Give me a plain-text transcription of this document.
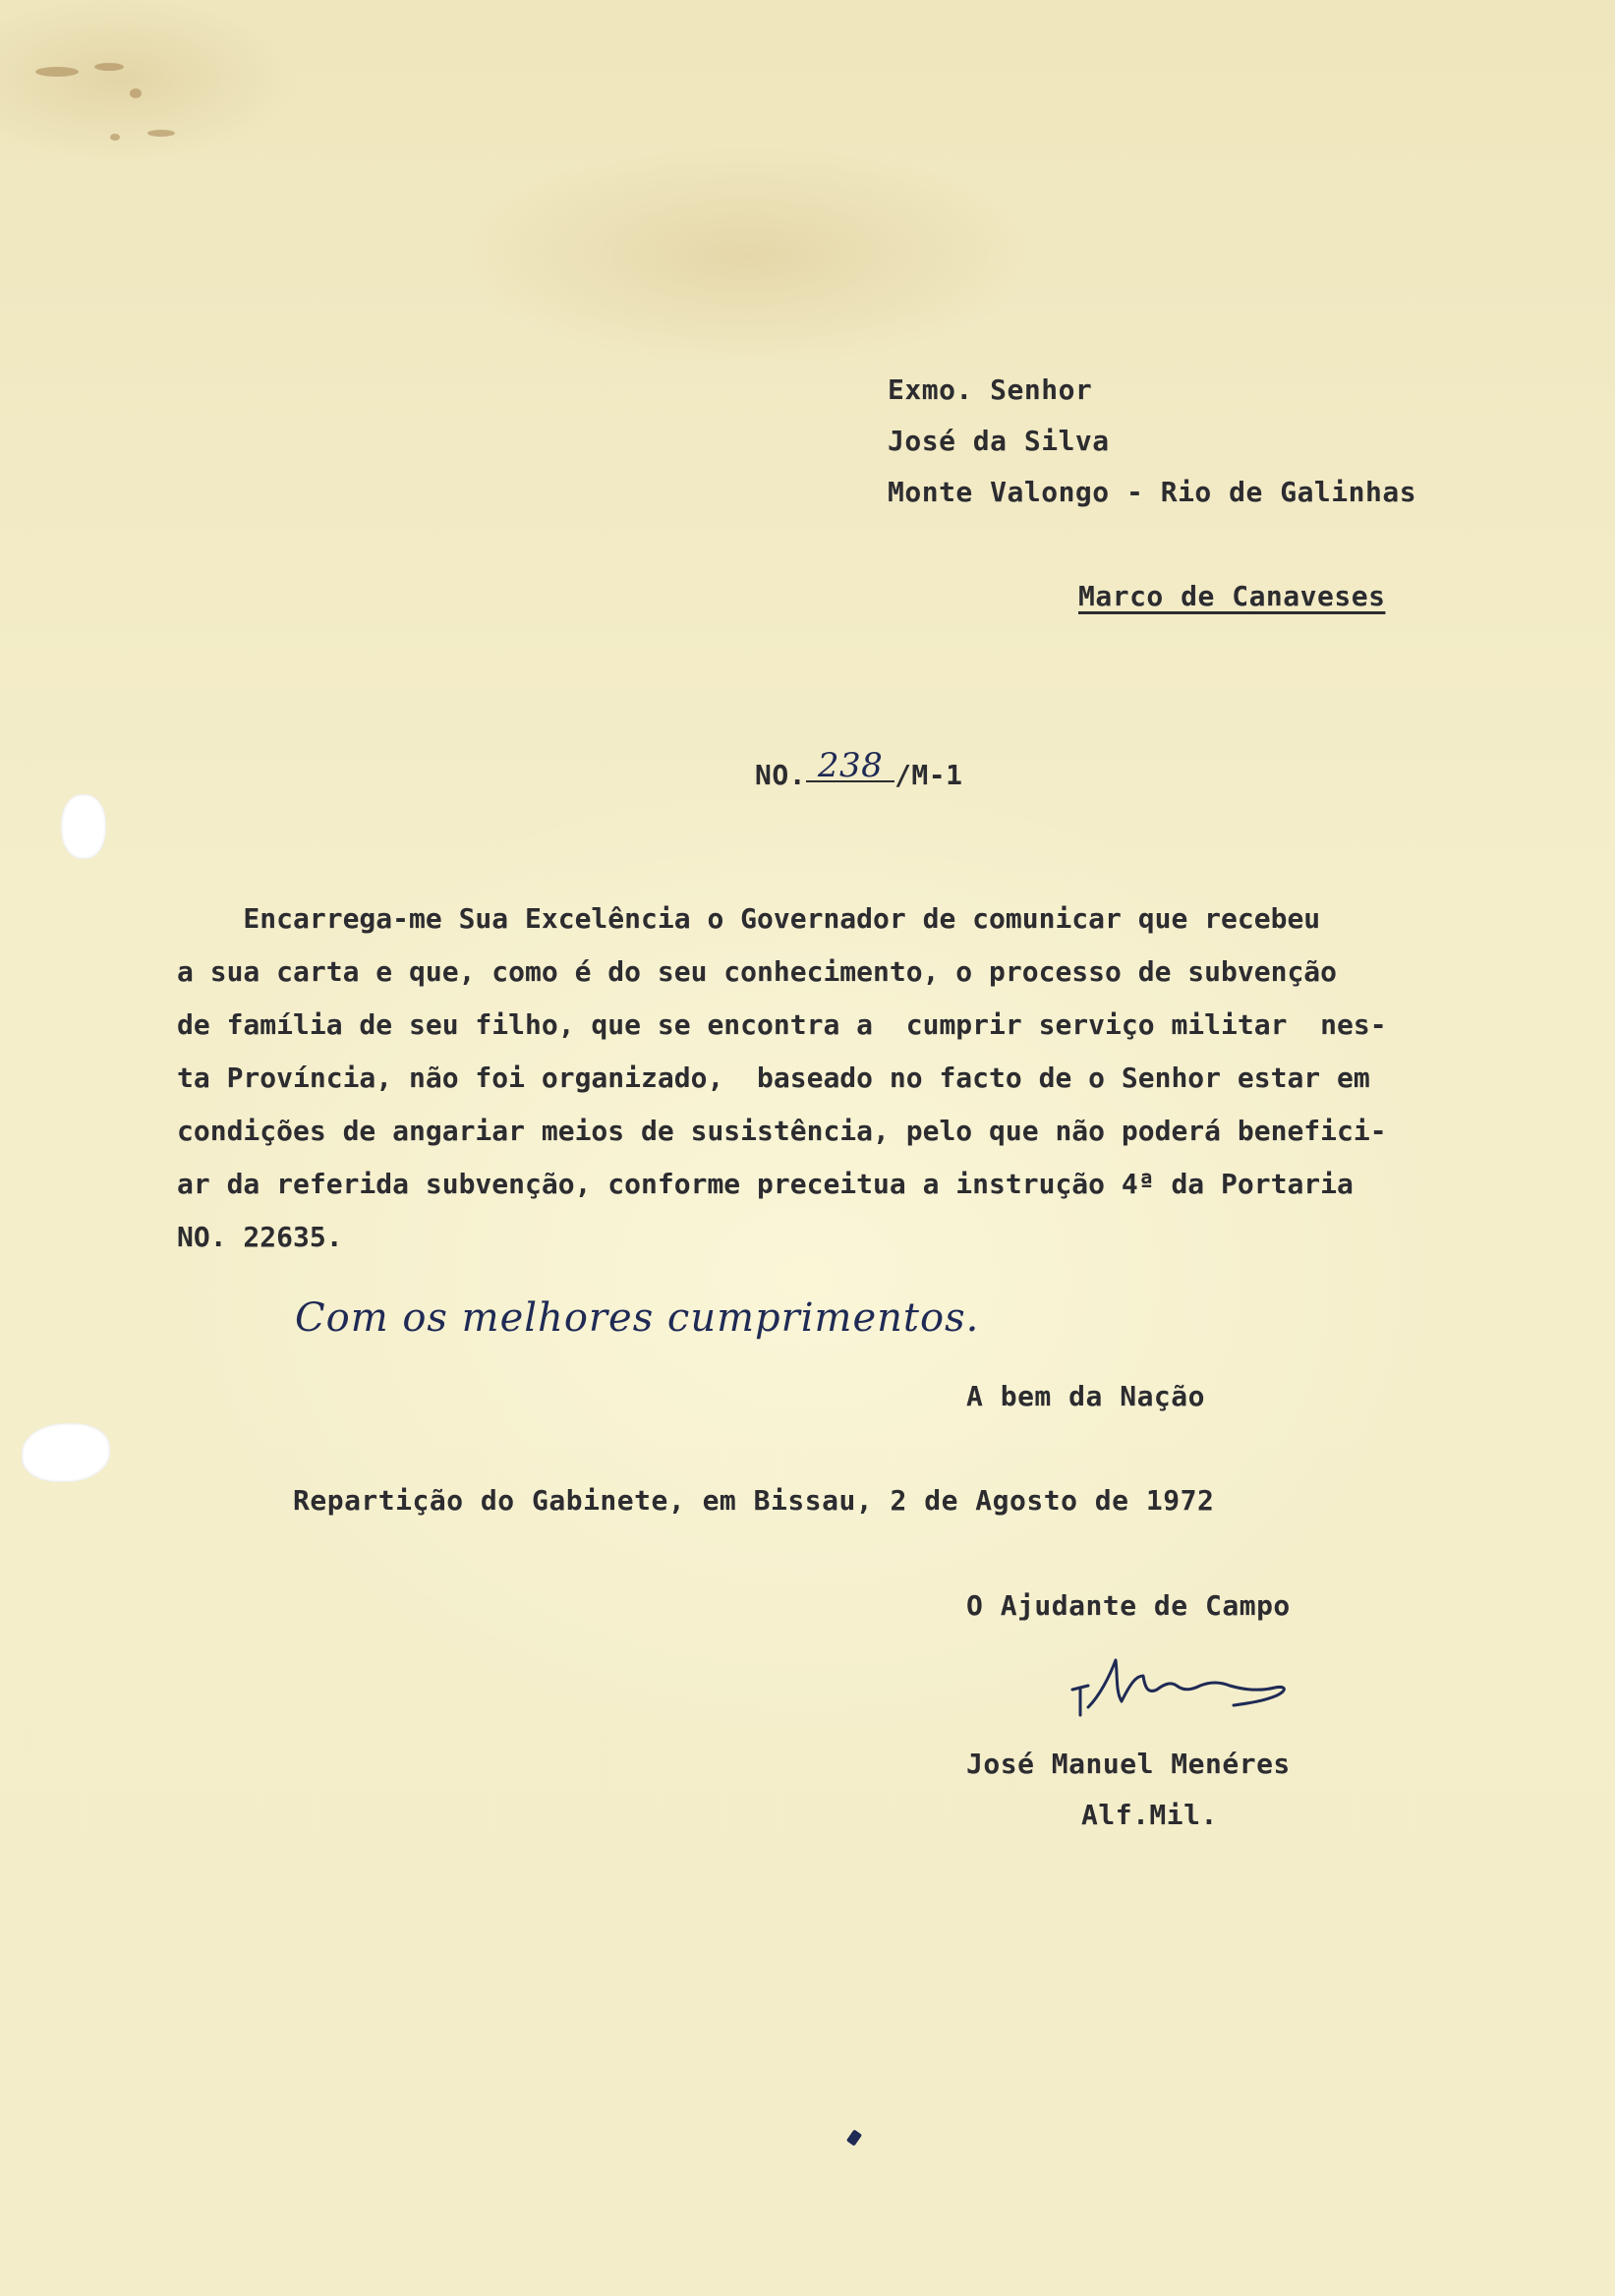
Exmo. Senhor
José da Silva
Monte Valongo - Rio de Galinhas
Marco de Canaveses
NO. 238 /M-1
Encarrega-me Sua Excelência o Governador de comunicar que recebeu
a sua carta e que, como é do seu conhecimento, o processo de subvenção
de família de seu filho, que se encontra a  cumprir serviço militar  nes-
ta Província, não foi organizado,  baseado no facto de o Senhor estar em
condições de angariar meios de susistência, pelo que não poderá benefici-
ar da referida subvenção, conforme preceitua a instrução 4ª da Portaria
NO. 22635.
Com os melhores cumprimentos.
A bem da Nação
Repartição do Gabinete, em Bissau, 2 de Agosto de 1972
O Ajudante de Campo
José Manuel Menéres
Alf.Mil.
